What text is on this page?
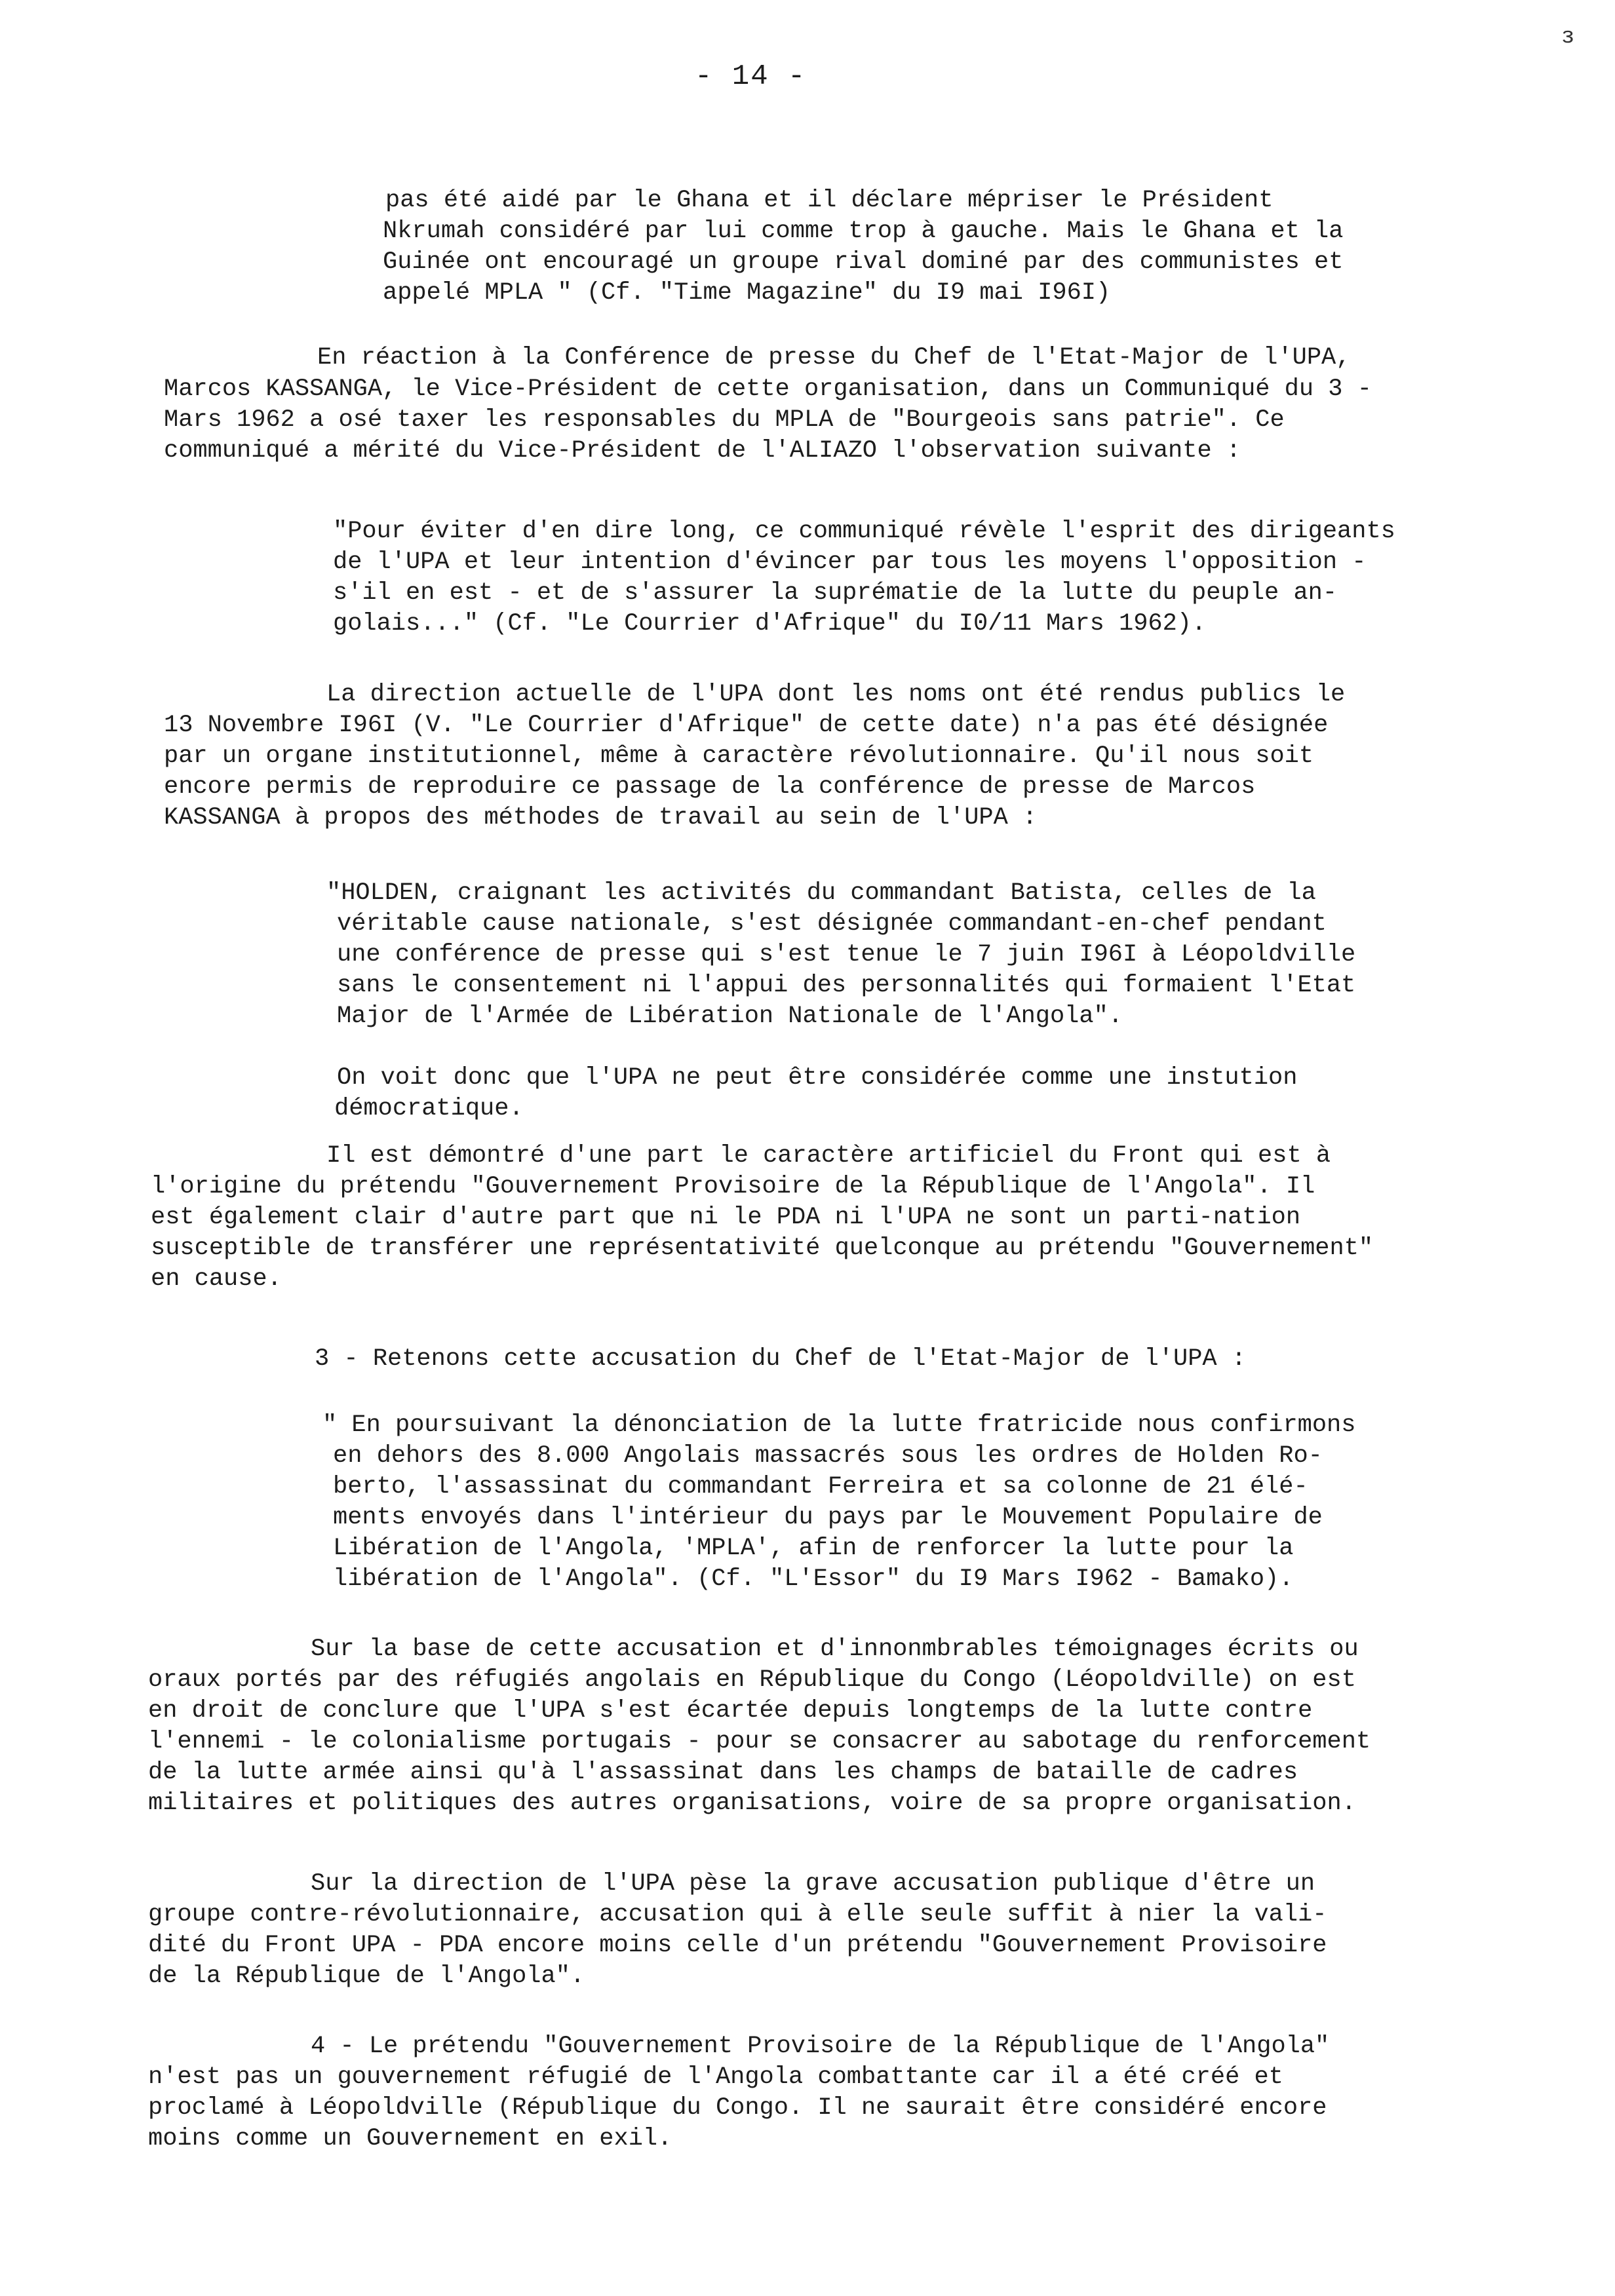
- 14 -
ɜ
pas été aidé par le Ghana et il déclare mépriser le Président
Nkrumah considéré par lui comme trop à gauche. Mais le Ghana et la
Guinée ont encouragé un groupe rival dominé par des communistes et
appelé MPLA " (Cf. "Time Magazine" du I9 mai I96I)
En réaction à la Conférence de presse du Chef de l'Etat-Major de l'UPA,
Marcos KASSANGA, le Vice-Président de cette organisation, dans un Communiqué du 3 -
Mars 1962 a osé taxer les responsables du MPLA de "Bourgeois sans patrie". Ce
communiqué a mérité du Vice-Président de l'ALIAZO l'observation suivante :
"Pour éviter d'en dire long, ce communiqué révèle l'esprit des dirigeants
de l'UPA et leur intention d'évincer par tous les moyens l'opposition -
s'il en est - et de s'assurer la suprématie de la lutte du peuple an-
golais..." (Cf. "Le Courrier d'Afrique" du I0/11 Mars 1962).
La direction actuelle de l'UPA dont les noms ont été rendus publics le
13 Novembre I96I (V. "Le Courrier d'Afrique" de cette date) n'a pas été désignée
par un organe institutionnel, même à caractère révolutionnaire. Qu'il nous soit
encore permis de reproduire ce passage de la conférence de presse de Marcos
KASSANGA à propos des méthodes de travail au sein de l'UPA :
"HOLDEN, craignant les activités du commandant Batista, celles de la
véritable cause nationale, s'est désignée commandant-en-chef pendant
une conférence de presse qui s'est tenue le 7 juin I96I à Léopoldville
sans le consentement ni l'appui des personnalités qui formaient l'Etat
Major de l'Armée de Libération Nationale de l'Angola".
On voit donc que l'UPA ne peut être considérée comme une instution
démocratique.
Il est démontré d'une part le caractère artificiel du Front qui est à
l'origine du prétendu "Gouvernement Provisoire de la République de l'Angola". Il
est également clair d'autre part que ni le PDA ni l'UPA ne sont un parti-nation
susceptible de transférer une représentativité quelconque au prétendu "Gouvernement"
en cause.
3 - Retenons cette accusation du Chef de l'Etat-Major de l'UPA :
" En poursuivant la dénonciation de la lutte fratricide nous confirmons
en dehors des 8.000 Angolais massacrés sous les ordres de Holden Ro-
berto, l'assassinat du commandant Ferreira et sa colonne de 21 élé-
ments envoyés dans l'intérieur du pays par le Mouvement Populaire de
Libération de l'Angola, 'MPLA', afin de renforcer la lutte pour la
libération de l'Angola". (Cf. "L'Essor" du I9 Mars I962 - Bamako).
Sur la base de cette accusation et d'innonmbrables témoignages écrits ou
oraux portés par des réfugiés angolais en République du Congo (Léopoldville) on est
en droit de conclure que l'UPA s'est écartée depuis longtemps de la lutte contre
l'ennemi - le colonialisme portugais - pour se consacrer au sabotage du renforcement
de la lutte armée ainsi qu'à l'assassinat dans les champs de bataille de cadres
militaires et politiques des autres organisations, voire de sa propre organisation.
Sur la direction de l'UPA pèse la grave accusation publique d'être un
groupe contre-révolutionnaire, accusation qui à elle seule suffit à nier la vali-
dité du Front UPA - PDA encore moins celle d'un prétendu "Gouvernement Provisoire
de la République de l'Angola".
4 - Le prétendu "Gouvernement Provisoire de la République de l'Angola"
n'est pas un gouvernement réfugié de l'Angola combattante car il a été créé et
proclamé à Léopoldville (République du Congo. Il ne saurait être considéré encore
moins comme un Gouvernement en exil.
